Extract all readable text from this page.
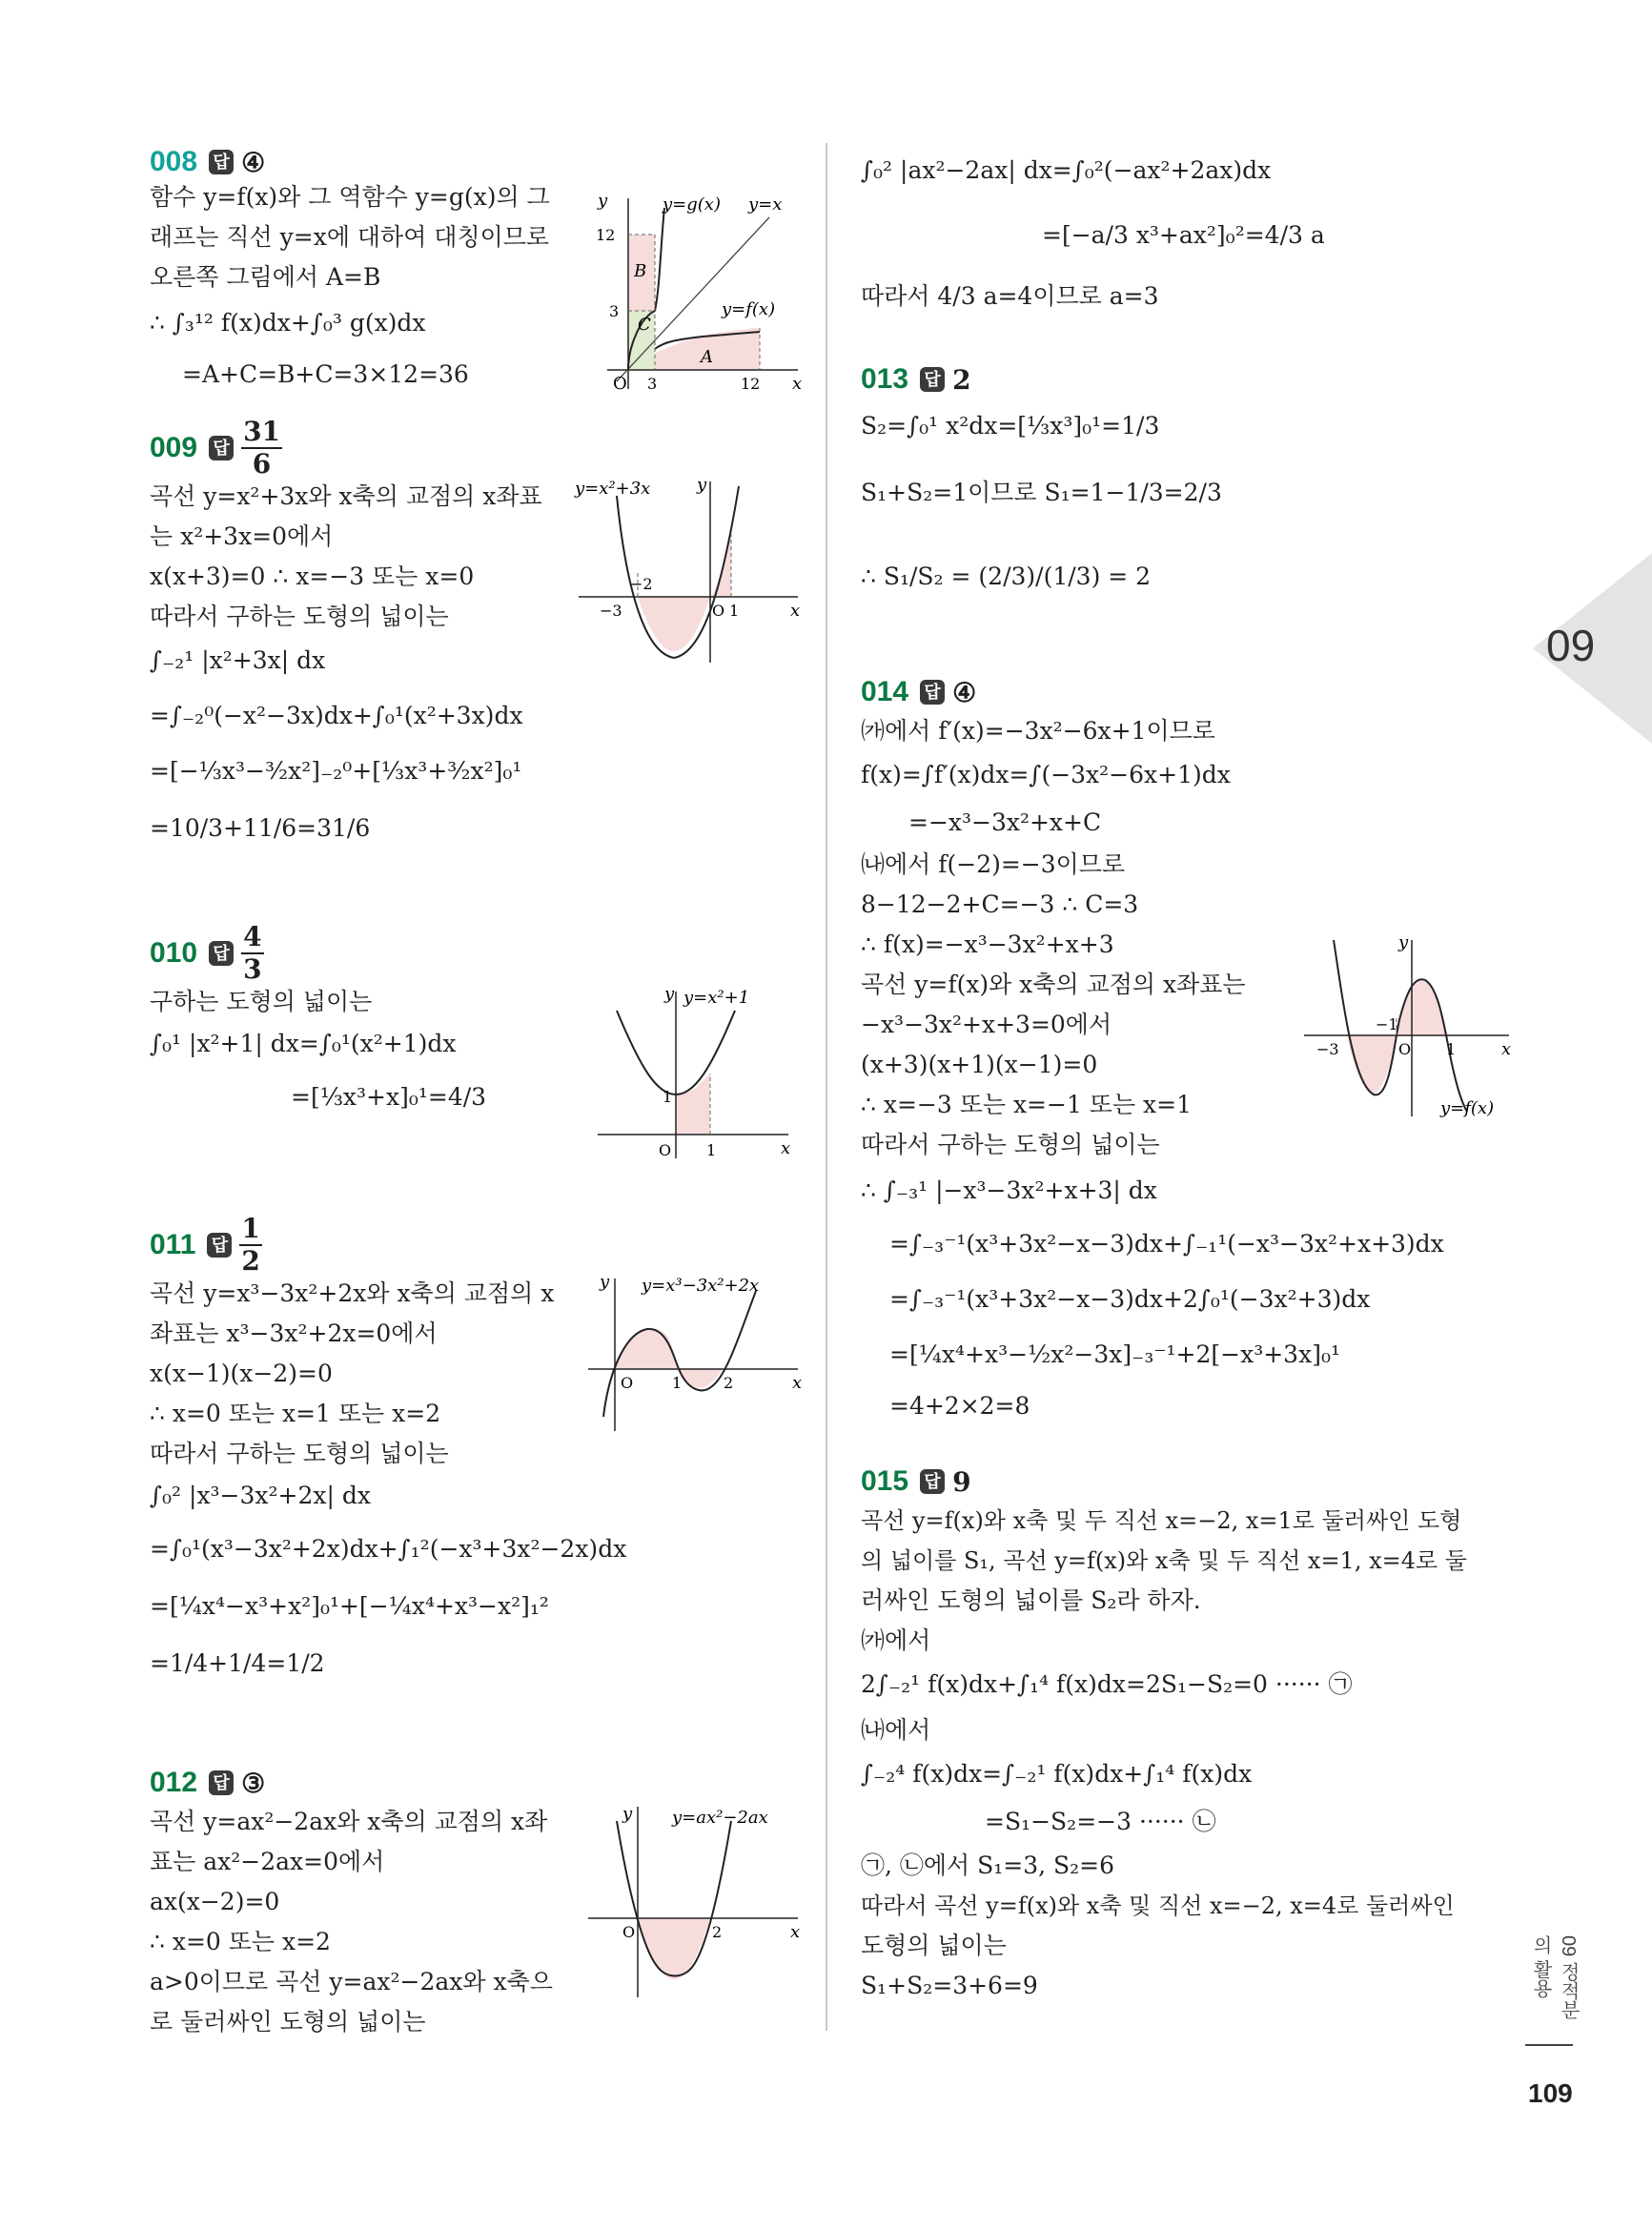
008 답 ④
함수 y=f(x)와 그 역함수 y=g(x)의 그
래프는 직선 y=x에 대하여 대칭이므로
오른쪽 그림에서 A=B
∴ ∫₃¹² f(x)dx+∫₀³ g(x)dx
=A+C=B+C=3×12=36
y
x
O
y=g(x) y=x
y=f(x)
12
3
3	12
A
B
C
009 답 $\frac{31}{6}$
곡선 y=x²+3x와 x축의 교점의 x좌표
는 x²+3x=0에서
x(x+3)=0 ∴ x=−3 또는 x=0
따라서 구하는 도형의 넓이는
∫₋₂¹ |x²+3x| dx
=∫₋₂⁰(−x²−3x)dx+∫₀¹(x²+3x)dx
=[−⅓x³−³⁄₂x²]₋₂⁰+[⅓x³+³⁄₂x²]₀¹
=10/3+11/6=31/6
y=x²+3x	y
x
−3
−2
O 1
010 답 $\frac{4}{3}$
구하는 도형의 넓이는
∫₀¹ |x²+1| dx=∫₀¹(x²+1)dx
=[⅓x³+x]₀¹=4/3
y y=x²+1
x
O
1
1
011 답 $\frac{1}{2}$
곡선 y=x³−3x²+2x와 x축의 교점의 x
좌표는 x³−3x²+2x=0에서
x(x−1)(x−2)=0
∴ x=0 또는 x=1 또는 x=2
따라서 구하는 도형의 넓이는
∫₀² |x³−3x²+2x| dx
=∫₀¹(x³−3x²+2x)dx+∫₁²(−x³+3x²−2x)dx
=[¼x⁴−x³+x²]₀¹+[−¼x⁴+x³−x²]₁²
=1/4+1/4=1/2
y y=x³−3x²+2x
x
O	1	2
012 답 ③
곡선 y=ax²−2ax와 x축의 교점의 x좌
표는 ax²−2ax=0에서
ax(x−2)=0
∴ x=0 또는 x=2
a>0이므로 곡선 y=ax²−2ax와 x축으
로 둘러싸인 도형의 넓이는
y y=ax²−2ax
x
O	2
∫₀² |ax²−2ax| dx=∫₀²(−ax²+2ax)dx
=[−a/3 x³+ax²]₀²=4/3 a
따라서 4/3 a=4이므로 a=3
013 답 2
S₂=∫₀¹ x²dx=[⅓x³]₀¹=1/3
S₁+S₂=1이므로 S₁=1−1/3=2/3
∴ S₁/S₂ = (2/3)/(1/3) = 2
014 답 ④
㈎에서 f′(x)=−3x²−6x+1이므로
f(x)=∫f′(x)dx=∫(−3x²−6x+1)dx
=−x³−3x²+x+C
㈏에서 f(−2)=−3이므로
8−12−2+C=−3 ∴ C=3
∴ f(x)=−x³−3x²+x+3
곡선 y=f(x)와 x축의 교점의 x좌표는
−x³−3x²+x+3=0에서
(x+3)(x+1)(x−1)=0
∴ x=−3 또는 x=−1 또는 x=1
따라서 구하는 도형의 넓이는
∴ ∫₋₃¹ |−x³−3x²+x+3| dx
=∫₋₃⁻¹(x³+3x²−x−3)dx+∫₋₁¹(−x³−3x²+x+3)dx
=∫₋₃⁻¹(x³+3x²−x−3)dx+2∫₀¹(−3x²+3)dx
=[¼x⁴+x³−½x²−3x]₋₃⁻¹+2[−x³+3x]₀¹
=4+2×2=8
y
x
−3
−1
O 1
y=f(x)
015 답 9
곡선 y=f(x)와 x축 및 두 직선 x=−2, x=1로 둘러싸인 도형
의 넓이를 S₁, 곡선 y=f(x)와 x축 및 두 직선 x=1, x=4로 둘
러싸인 도형의 넓이를 S₂라 하자.
㈎에서
2∫₋₂¹ f(x)dx+∫₁⁴ f(x)dx=2S₁−S₂=0 ······ ㉠
㈏에서
∫₋₂⁴ f(x)dx=∫₋₂¹ f(x)dx+∫₁⁴ f(x)dx
=S₁−S₂=−3 ······ ㉡
㉠, ㉡에서 S₁=3, S₂=6
따라서 곡선 y=f(x)와 x축 및 직선 x=−2, x=4로 둘러싸인
도형의 넓이는
S₁+S₂=3+6=9
09
09 정적분의 활용
109
